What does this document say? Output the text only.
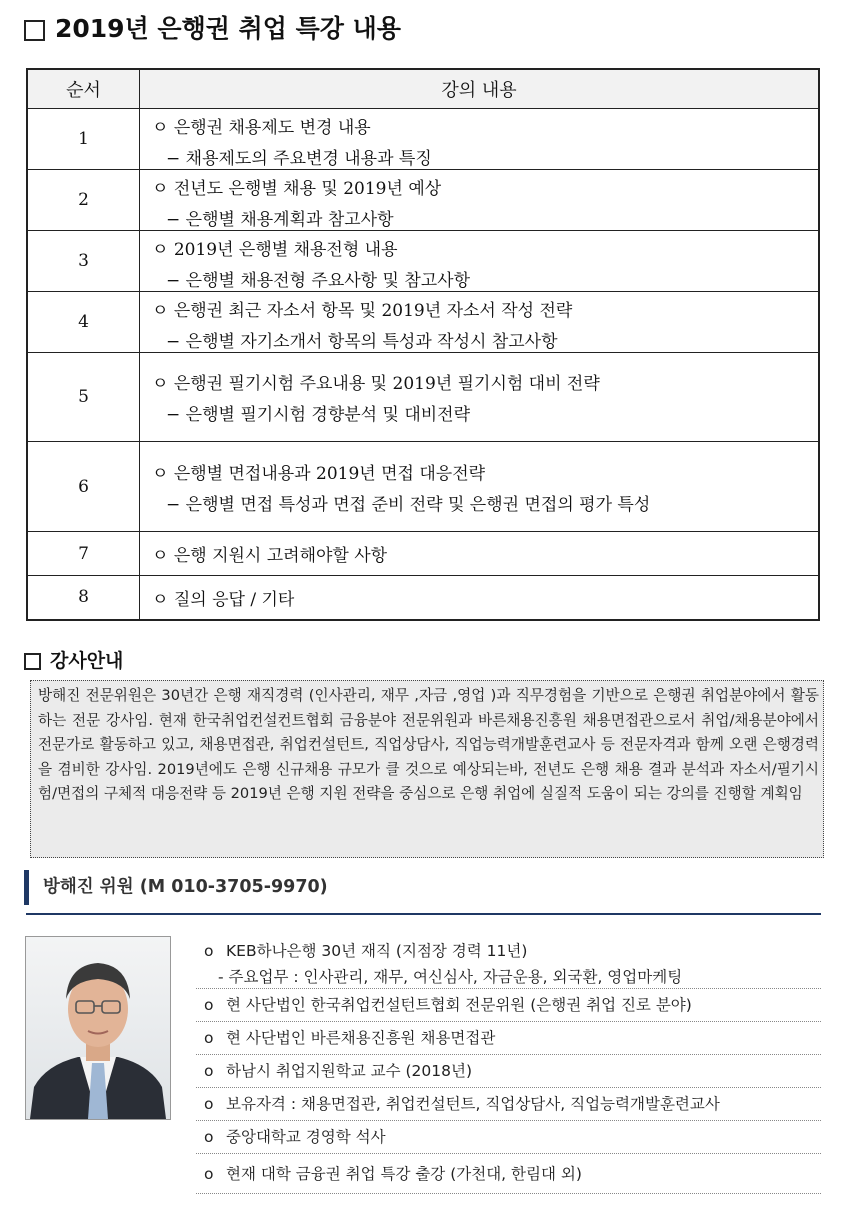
2019년 은행권 취업 특강 내용
순서	강의 내용
1	ㅇ 은행권 채용제도 변경 내용
− 채용제도의 주요변경 내용과 특징

2	ㅇ 전년도 은행별 채용 및 2019년 예상
− 은행별 채용계획과 참고사항

3	ㅇ 2019년 은행별 채용전형 내용
− 은행별 채용전형 주요사항 및 참고사항

4	ㅇ 은행권 최근 자소서 항목 및 2019년 자소서 작성 전략
− 은행별 자기소개서 항목의 특성과 작성시 참고사항

5	ㅇ 은행권 필기시험 주요내용 및 2019년 필기시험 대비 전략
− 은행별 필기시험 경향분석 및 대비전략

6	ㅇ 은행별 면접내용과 2019년 면접 대응전략
− 은행별 면접 특성과 면접 준비 전략 및 은행권 면접의 평가 특성

7	ㅇ 은행 지원시 고려해야할 사항
8	ㅇ 질의 응답 / 기타
강사안내
방해진 전문위원은 30년간 은행 재직경력 (인사관리, 재무 ,자금 ,영업 )과 직무경험을 기반으로 은행권 취업분야에서 활동하는 전문 강사임. 현재 한국취업컨설컨트협회 금융분야 전문위원과 바른채용진흥원 채용면접관으로서 취업/채용분야에서 전문가로 활동하고 있고, 채용면접관, 취업컨설턴트, 직업상담사, 직업능력개발훈련교사 등 전문자격과 함께 오랜 은행경력을 겸비한 강사임. 2019년에도 은행 신규채용 규모가 클 것으로 예상되는바, 전년도 은행 채용 결과 분석과 자소서/필기시험/면접의 구체적 대응전략 등 2019년 은행 지원 전략을 중심으로 은행 취업에 실질적 도움이 되는 강의를 진행할 계획임
방해진 위원 (M 010-3705-9970)
o KEB하나은행 30년 재직 (지점장 경력 11년)
- 주요업무 : 인사관리, 재무, 여신심사, 자금운용, 외국환, 영업마케팅
o 현 사단법인 한국취업컨설턴트협회 전문위원 (은행권 취업 진로 분야)
o 현 사단법인 바른채용진흥원 채용면접관
o 하남시 취업지원학교 교수 (2018년)
o 보유자격 : 채용면접관, 취업컨설턴트, 직업상담사, 직업능력개발훈련교사
o 중앙대학교 경영학 석사
o 현재 대학 금융권 취업 특강 출강 (가천대, 한림대 외)
